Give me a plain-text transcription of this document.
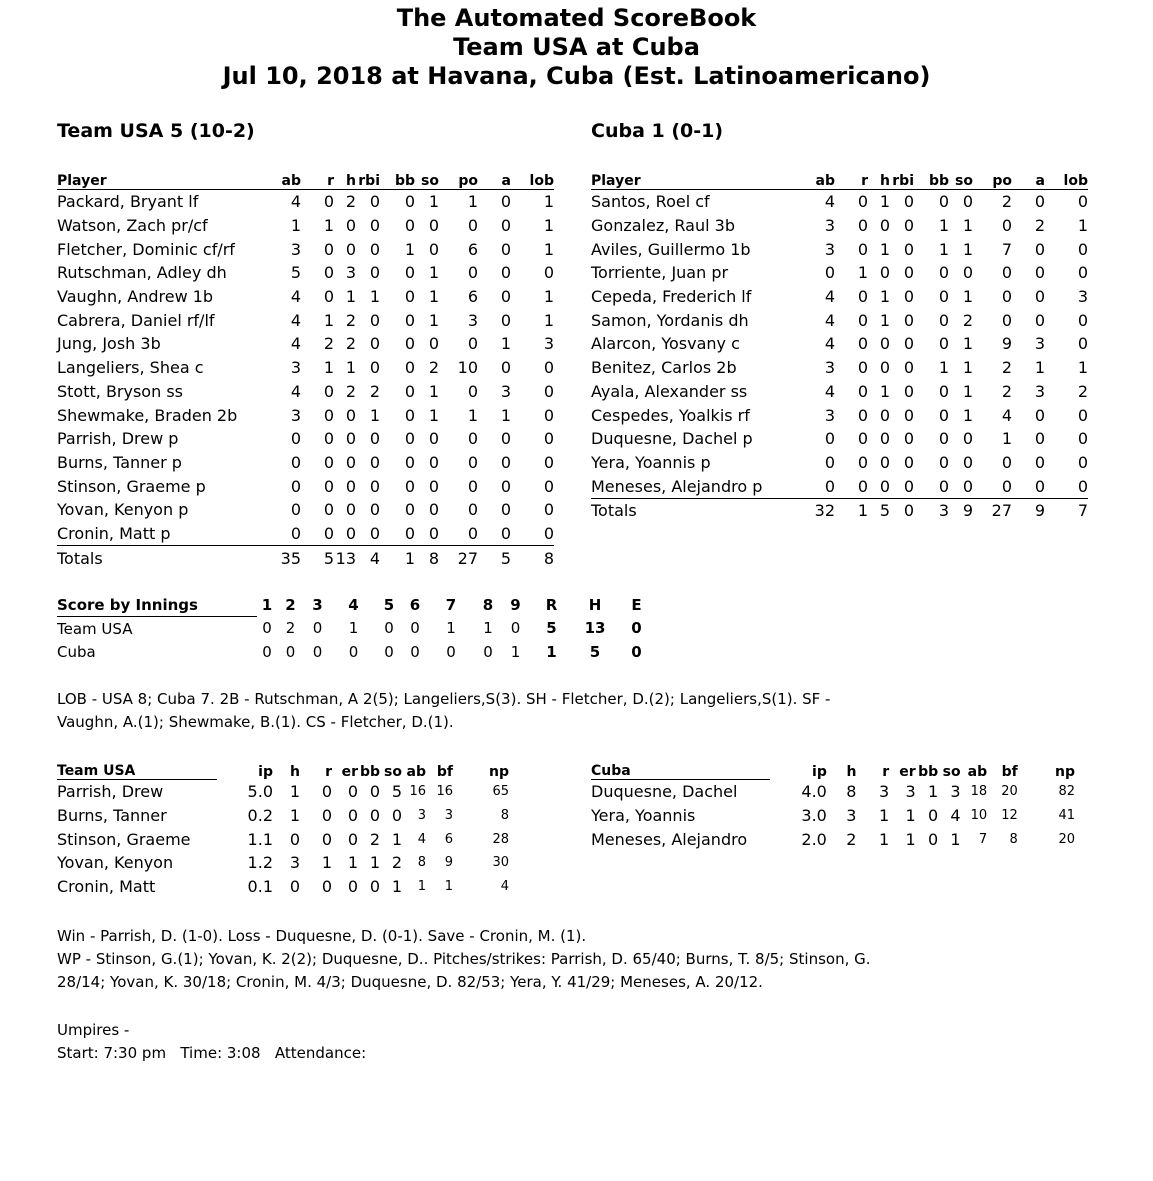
The Automated ScoreBook
Team USA at Cuba
Jul 10, 2018 at Havana, Cuba (Est. Latinoamericano)
Team USA 5 (10-2)	Cuba 1 (0-1)
Player	ab	r	h	rbi	bb	so	po	a	lob
Packard, Bryant lf	4	0	2	0	0	1	1	0	1
Watson, Zach pr/cf	1	1	0	0	0	0	0	0	1
Fletcher, Dominic cf/rf	3	0	0	0	1	0	6	0	1
Rutschman, Adley dh	5	0	3	0	0	1	0	0	0
Vaughn, Andrew 1b	4	0	1	1	0	1	6	0	1
Cabrera, Daniel rf/lf	4	1	2	0	0	1	3	0	1
Jung, Josh 3b	4	2	2	0	0	0	0	1	3
Langeliers, Shea c	3	1	1	0	0	2	10	0	0
Stott, Bryson ss	4	0	2	2	0	1	0	3	0
Shewmake, Braden 2b	3	0	0	1	0	1	1	1	0
Parrish, Drew p	0	0	0	0	0	0	0	0	0
Burns, Tanner p	0	0	0	0	0	0	0	0	0
Stinson, Graeme p	0	0	0	0	0	0	0	0	0
Yovan, Kenyon p	0	0	0	0	0	0	0	0	0
Cronin, Matt p	0	0	0	0	0	0	0	0	0
Totals	35	5	13	4	1	8	27	5	8
Player	ab	r	h	rbi	bb	so	po	a	lob
Santos, Roel cf	4	0	1	0	0	0	2	0	0
Gonzalez, Raul 3b	3	0	0	0	1	1	0	2	1
Aviles, Guillermo 1b	3	0	1	0	1	1	7	0	0
Torriente, Juan pr	0	1	0	0	0	0	0	0	0
Cepeda, Frederich lf	4	0	1	0	0	1	0	0	3
Samon, Yordanis dh	4	0	1	0	0	2	0	0	0
Alarcon, Yosvany c	4	0	0	0	0	1	9	3	0
Benitez, Carlos 2b	3	0	0	0	1	1	2	1	1
Ayala, Alexander ss	4	0	1	0	0	1	2	3	2
Cespedes, Yoalkis rf	3	0	0	0	0	1	4	0	0
Duquesne, Dachel p	0	0	0	0	0	0	1	0	0
Yera, Yoannis p	0	0	0	0	0	0	0	0	0
Meneses, Alejandro p	0	0	0	0	0	0	0	0	0
Totals	32	1	5	0	3	9	27	9	7
Score by Innings	1	2	3	4	5	6	7	8	9	R	H	E
Team USA	0	2	0	1	0	0	1	1	0	5	13	0
Cuba	0	0	0	0	0	0	0	0	1	1	5	0
LOB - USA 8; Cuba 7. 2B - Rutschman, A 2(5); Langeliers,S(3). SH - Fletcher, D.(2); Langeliers,S(1). SF -
Vaughn, A.(1); Shewmake, B.(1). CS - Fletcher, D.(1).
Team USA	ip	h	r	er	bb	so	ab	bf	np
Parrish, Drew	5.0	1	0	0	0	5	16	16	65
Burns, Tanner	0.2	1	0	0	0	0	3	3	8
Stinson, Graeme	1.1	0	0	0	2	1	4	6	28
Yovan, Kenyon	1.2	3	1	1	1	2	8	9	30
Cronin, Matt	0.1	0	0	0	0	1	1	1	4
Cuba	ip	h	r	er	bb	so	ab	bf	np
Duquesne, Dachel	4.0	8	3	3	1	3	18	20	82
Yera, Yoannis	3.0	3	1	1	0	4	10	12	41
Meneses, Alejandro	2.0	2	1	1	0	1	7	8	20
Win - Parrish, D. (1-0). Loss - Duquesne, D. (0-1). Save - Cronin, M. (1).
WP - Stinson, G.(1); Yovan, K. 2(2); Duquesne, D.. Pitches/strikes: Parrish, D. 65/40; Burns, T. 8/5; Stinson, G.
28/14; Yovan, K. 30/18; Cronin, M. 4/3; Duquesne, D. 82/53; Yera, Y. 41/29; Meneses, A. 20/12.
Umpires -
Start: 7:30 pm   Time: 3:08   Attendance:
